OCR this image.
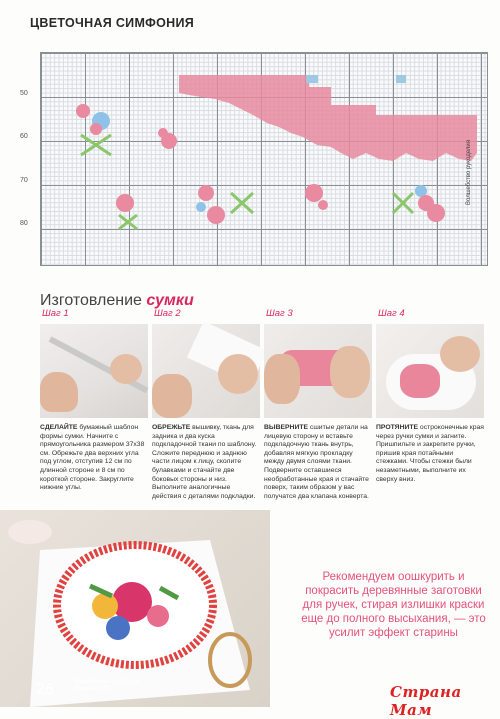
ЦВЕТОЧНАЯ СИМФОНИЯ
50
60
70
80
Волшебство рукоделия
Изготовление сумки
Шаг 1
СДЕЛАЙТЕ бумажный шаблон формы сумки. Начните с прямоугольника размером 37х38 см. Обрежьте два верхних угла под углом, отступив 12 см по длинной стороне и 8 см по короткой стороне. Закруглите нижние углы.
Шаг 2
ОБРЕЖЬТЕ вышивку, ткань для задника и два куска подкладочной ткани по шаблону. Сложите переднюю и заднюю части лицом к лицу, сколите булавками и стачайте две боковых стороны и низ. Выполните аналогичные действия с деталями подкладки.
Шаг 3
ВЫВЕРНИТЕ сшитые детали на лицевую сторону и вставьте подкладочную ткань внутрь, добавляя мягкую прокладку между двумя слоями ткани. Подверните оставшиеся необработанные края и стачайте поверх, таким образом у вас получатся два клапана конверта.
Шаг 4
ПРОТЯНИТЕ остроконечные края через ручки сумки и загните. Пришпильте и закрепите ручки, пришив края потайными стежками. Чтобы стежки были незаметными, выполните их сверху вниз.
Рекомендуем оошкурить и покрасить деревянные заготовки для ручек, стирая излишки краски еще до полного высыхания, — это усилит эффект старины
26	Волшебство рукоделия
Февраль 2013	Страна Мам
